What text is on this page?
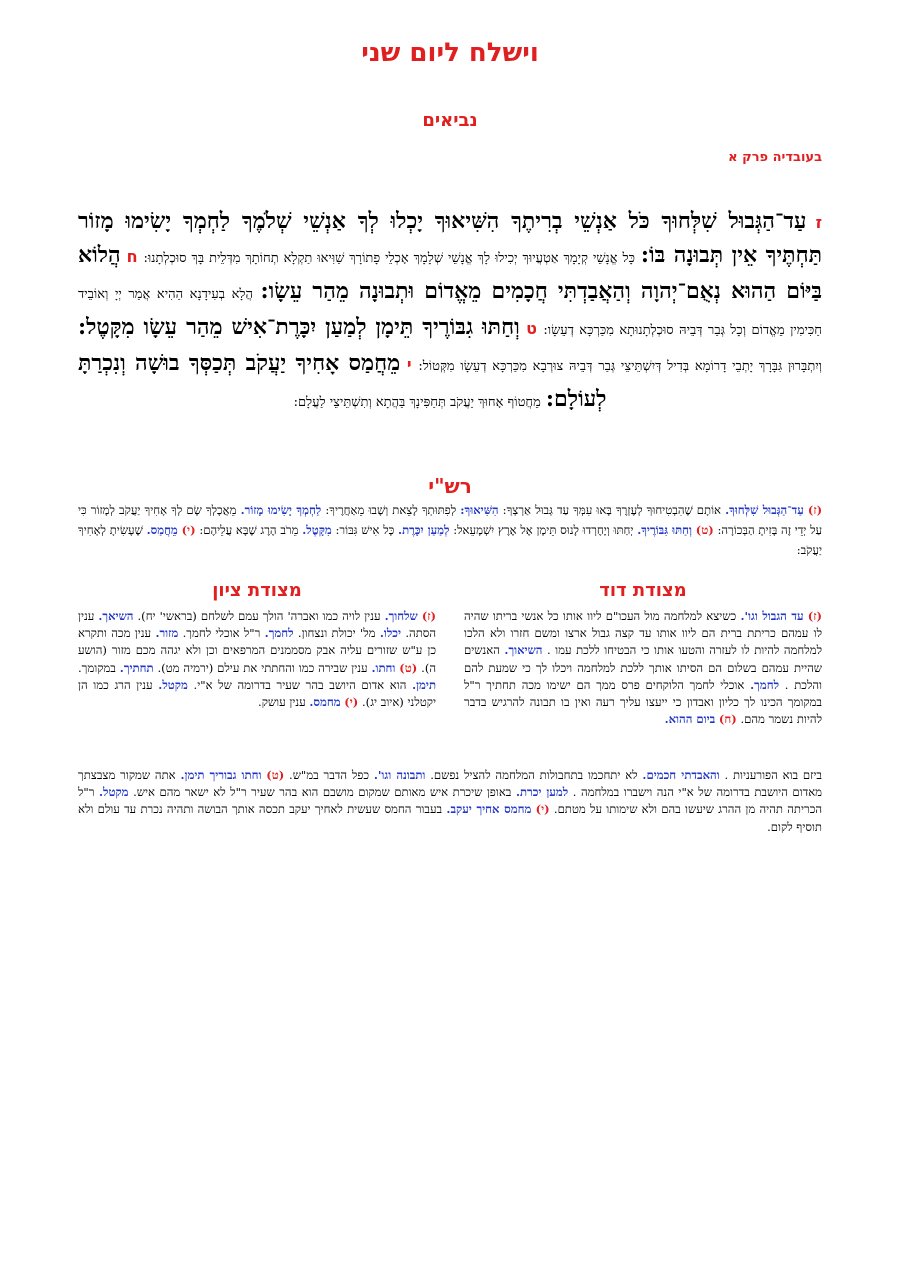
וישלח ליום שני
נביאים
בעובדיה פרק א
ז עַד־הַגְּבוּל שִׁלְּחוּךָ כֹּל אַנְשֵׁי בְרִיתֶךָ הִשִּׁיאוּךָ יָכְלוּ לְךָ אַנְשֵׁי שְׁלֹמֶךָ לַחְמְךָ יָשִׂימוּ מָזוֹר תַּחְתֶּיךָ אֵין תְּבוּנָה בּוֹ: כָּל אֱנָשֵׁי קְיָמָךְ אַטְעֲיוּךְ יְכִילוּ לָךְ אֱנָשֵׁי שְׁלָמָךְ אָכְלֵי פָתוֹרָךְ שַׁוִּיאוּ תַקְלָא תְחוֹתָךְ מִדְּלֵית בָּךְ סוּכְלְתָנוּ: ח הֲלוֹא בַּיּוֹם הַהוּא נְאֻם־יְהוָה וְהַאֲבַדְתִּי חֲכָמִים מֵאֱדוֹם וּתְבוּנָה מֵהַר עֵשָׂו: הֲלָא בְעִידָנָא הַהִיא אֲמַר יְיָ וְאוֹבֵיד חַכִּימִין מֵאֱדוֹם וְכָל גְּבַר דְּבֵיהּ סוּכְלְתָנוּתָא מִכַּרְכָּא דְעֵשָׂו: ט וְחַתּוּ גִבּוֹרֶיךָ תֵּימָן לְמַעַן יִכָּרֶת־אִישׁ מֵהַר עֵשָׂו מִקָּטֶל: וְיִתְבָּרוּן גִּבָּרָךְ יָתְבֵי דָרוֹמָא בְּדִיל דְּיִשְׁתֵּיצֵי גְּבַר דְּבֵיהּ צוּרְבָא מִכַּרְכָּא דְעֵשָׂו מִקְּטוֹל: י מֵחֲמַס אָחִיךָ יַעֲקֹב תְּכַסְּךָ בוּשָׁה וְנִכְרַתָּ לְעוֹלָם: מֵחֲטוֹף אָחוּךְ יַעֲקֹב תְּחַפִּינָךְ בַּהֲתָא וְתִשְׁתֵּיצֵי לַעֲלָם:
רש"י
(ז) עַד־הַגְּבוּל שִׁלְּחוּךָ. אוֹתָם שֶׁהִבְטִיחוּךָ לְעֶזְרֶךָ בָּאוּ עִמְּךָ עַד גְּבוּל אַרְצְךָ: הִשִּׁיאוּךָ: לְפִתּוּתְךָ לָצֵאת וְשָׁבוּ מֵאַחֲרֶיךָ: לַחְמְךָ יָשִׂימוּ מָזוֹר. מֵאֲכָלְךָ שָׂם לְךָ אָחִיךָ יַעֲקֹב לְמָזוֹר כִּי עַל יְדֵי זֶה בָּזִיתָ הַבְּכוֹרָה: (ט) וְחַתּוּ גִּבּוֹרֶיךָ. יְחַתּוּ וְיֶחֶרְדוּ לָנוּס תֵּימָן אֶל אֶרֶץ יִשְׁמָעֵאל: לְמַעַן יִכָּרֶת. כָּל אִישׁ גִּבּוֹר: מִקָּטֶל. מֵרֹב הֶרֶג שֶׁבָּא עֲלֵיהֶם: (י) מֵחֲמַס. שֶׁעָשִׂיתָ לְאָחִיךָ יַעֲקֹב:
מצודת דוד
(ז) עד הגבול וגו'. כשיצא למלחמה מול העכו"ם ליוו אותו כל אנשי בריתו שהיה לו עמהם כריתת ברית הם ליוו אותו עד קצה גבול ארצו ומשם חזרו ולא הלכו למלחמה להיות לו לעזרה והטעו אותו כי הבטיחו ללכת עמו . השיאוך. האנשים שהיית עמהם בשלום הם הסיתו אותך ללכת למלחמה ויכלו לך כי שמעת להם והלכת . לחמך. אוכלי לחמך הלוקחים פרס ממך הם ישימו מכה תחתיך ר"ל במקומך הכינו לך כליון ואבדון כי ייעצו עליך רעה ואין בו תבונה להרגיש בדבר להיות נשמר מהם. (ח) ביום ההוא.
מצודת ציון
(ז) שלחוך. ענין לויה כמו ואברה' הולך עמם לשלחם (בראשי' יח). השיאך. ענין הסתה. יכלו. מל' יכולת ונצחון. לחמך. ר"ל אוכלי לחמך. מזור. ענין מכה ותקרא כן ע"ש שזורים עליה אבק מסממנים המרפאים וכן ולא יגהה מכם מזור (הושע ה). (ט) וחתו. ענין שבירה כמו והחתתי את עילם (ירמיה מט). תחתיך. במקומך. תימן. הוא אדום היושב בהר שעיר בדרומה של א"י. מקטל. ענין הרג כמו הן יקטלני (איוב יג). (י) מחמס. ענין עושק.
ביזם בוא הפורעניות . והאבדתי חכמים. לא יתחכמו בתחבולות המלחמה להציל נפשם. ותבונה וגו'. כפל הדבר במ"ש. (ט) וחתו גבוריך תימן. אתה שמקור מצבצתך מאדום היושבת בדרומה של א"י הנה וישברו במלחמה . למען יכרת. באופן שיכרת איש מאותם שמקום מושבם הוא בהר שעיר ר"ל לא ישאר מהם איש. מקטל. ר"ל הכריתה תהיה מן ההרג שיעשו בהם ולא שימותו על מטתם. (י) מחמס אחיך יעקב. בעבור החמס שעשית לאחיך יעקב תכסה אותך הבושה ותהיה נכרת עד עולם ולא תוסיף לקום.
